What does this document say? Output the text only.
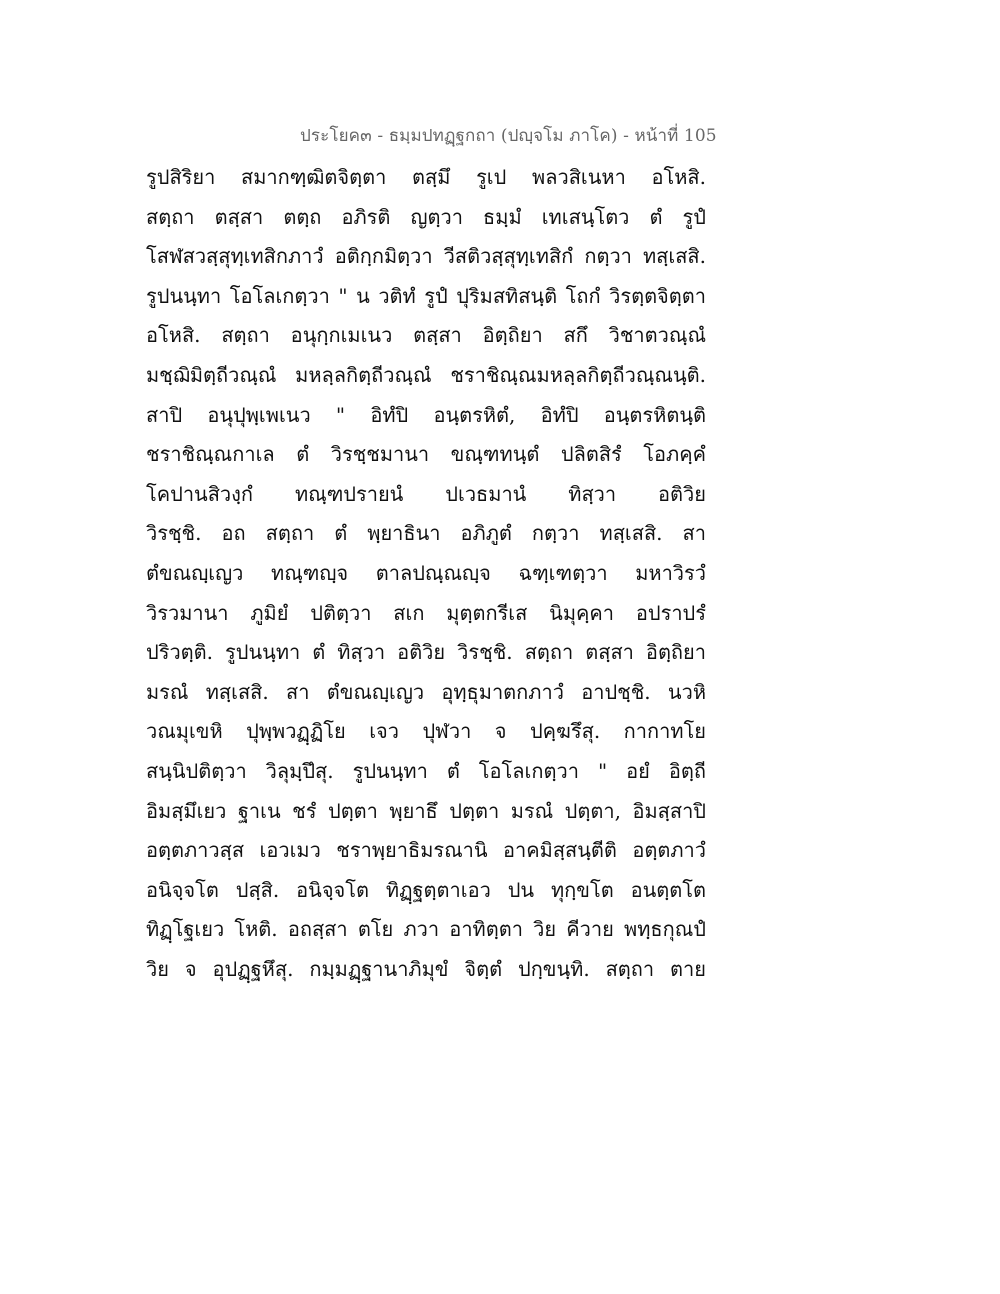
ประโยค๓ - ธมฺมปทฏฺฐกถา (ปญฺจโม ภาโค) - หน้าที่ 105
รูปสิริยา สมากฑฺฒิตจิตฺตา ตสฺมึ รูเป พลวสิเนหา อโหสิ.
สตฺถา ตสฺสา ตตฺถ อภิรติ ญตฺวา ธมฺมํ เทเสนฺโตว ตํ รูปํ
โสฬสวสฺสุทฺเทสิกภาวํ อติกฺกมิตฺวา วีสติวสฺสุทฺเทสิกํ กตฺวา ทสฺเสสิ.
รูปนนฺทา โอโลเกตฺวา " น วติทํ รูปํ ปุริมสทิสนฺติ โถกํ วิรตฺตจิตฺตา
อโหสิ. สตฺถา อนุกฺกเมเนว ตสฺสา อิตฺถิยา สกึ วิชาตวณฺณํ
มชฺฌิมิตฺถีวณฺณํ มหลฺลกิตฺถีวณฺณํ ชราชิณฺณมหลฺลกิตฺถีวณฺณนฺติ.
สาปิ อนุปุพฺเพเนว " อิทํปิ อนฺตรหิตํ, อิทํปิ อนฺตรหิตนฺติ
ชราชิณฺณกาเล ตํ วิรชฺชมานา ขณฺฑทนฺตํ ปลิตสิรํ โอภคฺคํ
โคปานสิวงฺกํ ทณฺฑปรายนํ ปเวธมานํ ทิสฺวา อติวิย
วิรชฺชิ. อถ สตฺถา ตํ พฺยาธินา อภิภูตํ กตฺวา ทสฺเสสิ. สา
ตํขณญฺเญว ทณฺฑญฺจ ตาลปณฺณญฺจ ฉฑฺเฑตฺวา มหาวิรวํ
วิรวมานา ภูมิยํ ปติตฺวา สเก มุตฺตกรีเส นิมุคฺคา อปราปรํ
ปริวตฺติ. รูปนนฺทา ตํ ทิสฺวา อติวิย วิรชฺชิ. สตฺถา ตสฺสา อิตฺถิยา
มรณํ ทสฺเสสิ. สา ตํขณญฺเญว อุทฺธุมาตกภาวํ อาปชฺชิ. นวหิ
วณมุเขหิ ปุพฺพวฏฺฏิโย เจว ปุฬวา จ ปคฺฆรึสุ. กากาทโย
สนฺนิปติตฺวา วิลุมฺปึสุ. รูปนนฺทา ตํ โอโลเกตฺวา " อยํ อิตฺถี
อิมสฺมึเยว ฐาเน ชรํ ปตฺตา พฺยาธึ ปตฺตา มรณํ ปตฺตา, อิมสฺสาปิ
อตฺตภาวสฺส เอวเมว ชราพฺยาธิมรณานิ อาคมิสฺสนฺตีติ อตฺตภาวํ
อนิจฺจโต ปสฺสิ. อนิจฺจโต ทิฏฺฐตฺตาเอว ปน ทุกฺขโต อนตฺตโต
ทิฏฺโฐเยว โหติ. อถสฺสา ตโย ภวา อาทิตฺตา วิย คีวาย พทฺธกุณปํ
วิย จ อุปฏฺฐหึสุ. กมฺมฏฺฐานาภิมุขํ จิตฺตํ ปกฺขนฺทิ. สตฺถา ตาย
